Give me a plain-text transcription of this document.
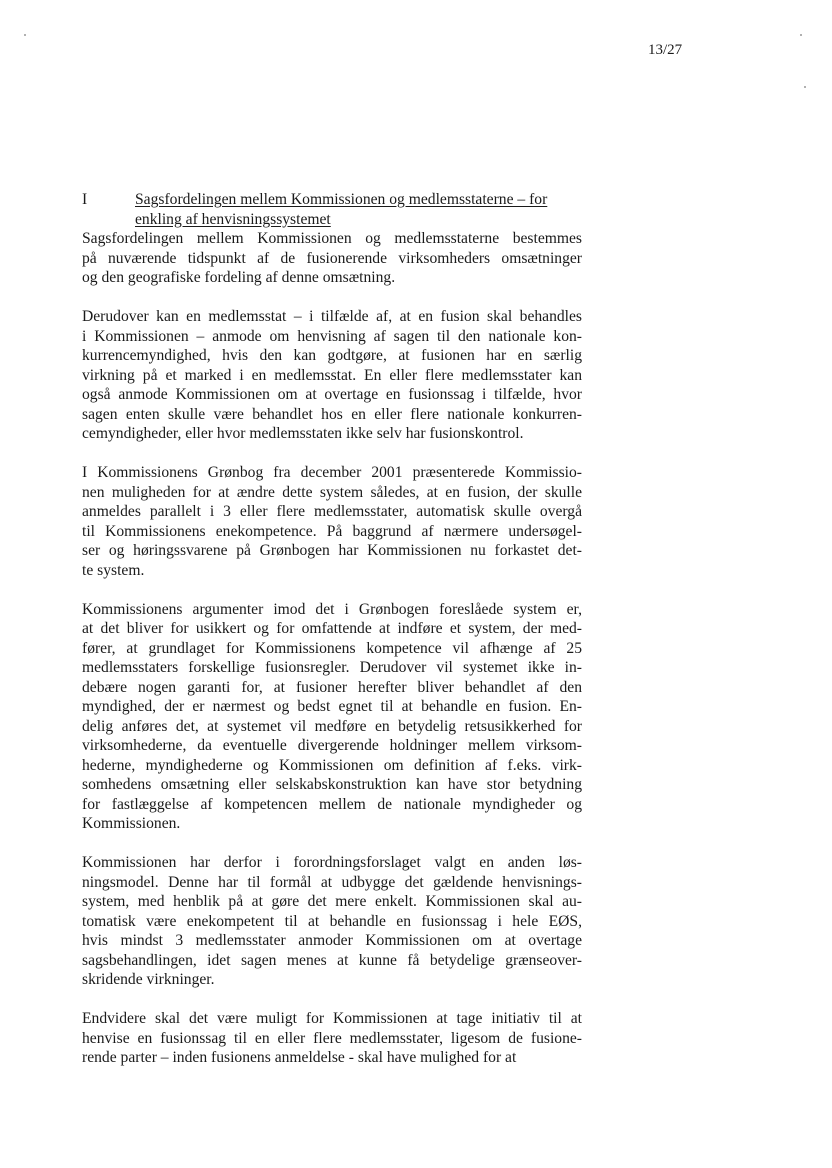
13/27
I	Sagsfordelingen mellem Kommissionen og medlemsstaterne – for
enkling af henvisningssystemet
Sagsfordelingen mellem Kommissionen og medlemsstaterne bestemmes
på nuværende tidspunkt af de fusionerende virksomheders omsætninger
og den geografiske fordeling af denne omsætning.
Derudover kan en medlemsstat – i tilfælde af, at en fusion skal behandles
i Kommissionen – anmode om henvisning af sagen til den nationale kon-
kurrencemyndighed, hvis den kan godtgøre, at fusionen har en særlig
virkning på et marked i en medlemsstat. En eller flere medlemsstater kan
også anmode Kommissionen om at overtage en fusionssag i tilfælde, hvor
sagen enten skulle være behandlet hos en eller flere nationale konkurren-
cemyndigheder, eller hvor medlemsstaten ikke selv har fusionskontrol.
I Kommissionens Grønbog fra december 2001 præsenterede Kommissio-
nen muligheden for at ændre dette system således, at en fusion, der skulle
anmeldes parallelt i 3 eller flere medlemsstater, automatisk skulle overgå
til Kommissionens enekompetence. På baggrund af nærmere undersøgel-
ser og høringssvarene på Grønbogen har Kommissionen nu forkastet det-
te system.
Kommissionens argumenter imod det i Grønbogen foreslåede system er,
at det bliver for usikkert og for omfattende at indføre et system, der med-
fører, at grundlaget for Kommissionens kompetence vil afhænge af 25
medlemsstaters forskellige fusionsregler. Derudover vil systemet ikke in-
debære nogen garanti for, at fusioner herefter bliver behandlet af den
myndighed, der er nærmest og bedst egnet til at behandle en fusion. En-
delig anføres det, at systemet vil medføre en betydelig retsusikkerhed for
virksomhederne, da eventuelle divergerende holdninger mellem virksom-
hederne, myndighederne og Kommissionen om definition af f.eks. virk-
somhedens omsætning eller selskabskonstruktion kan have stor betydning
for fastlæggelse af kompetencen mellem de nationale myndigheder og
Kommissionen.
Kommissionen har derfor i forordningsforslaget valgt en anden løs-
ningsmodel. Denne har til formål at udbygge det gældende henvisnings-
system, med henblik på at gøre det mere enkelt. Kommissionen skal au-
tomatisk være enekompetent til at behandle en fusionssag i hele EØS,
hvis mindst 3 medlemsstater anmoder Kommissionen om at overtage
sagsbehandlingen, idet sagen menes at kunne få betydelige grænseover-
skridende virkninger.
Endvidere skal det være muligt for Kommissionen at tage initiativ til at
henvise en fusionssag til en eller flere medlemsstater, ligesom de fusione-
rende parter – inden fusionens anmeldelse - skal have mulighed for at
